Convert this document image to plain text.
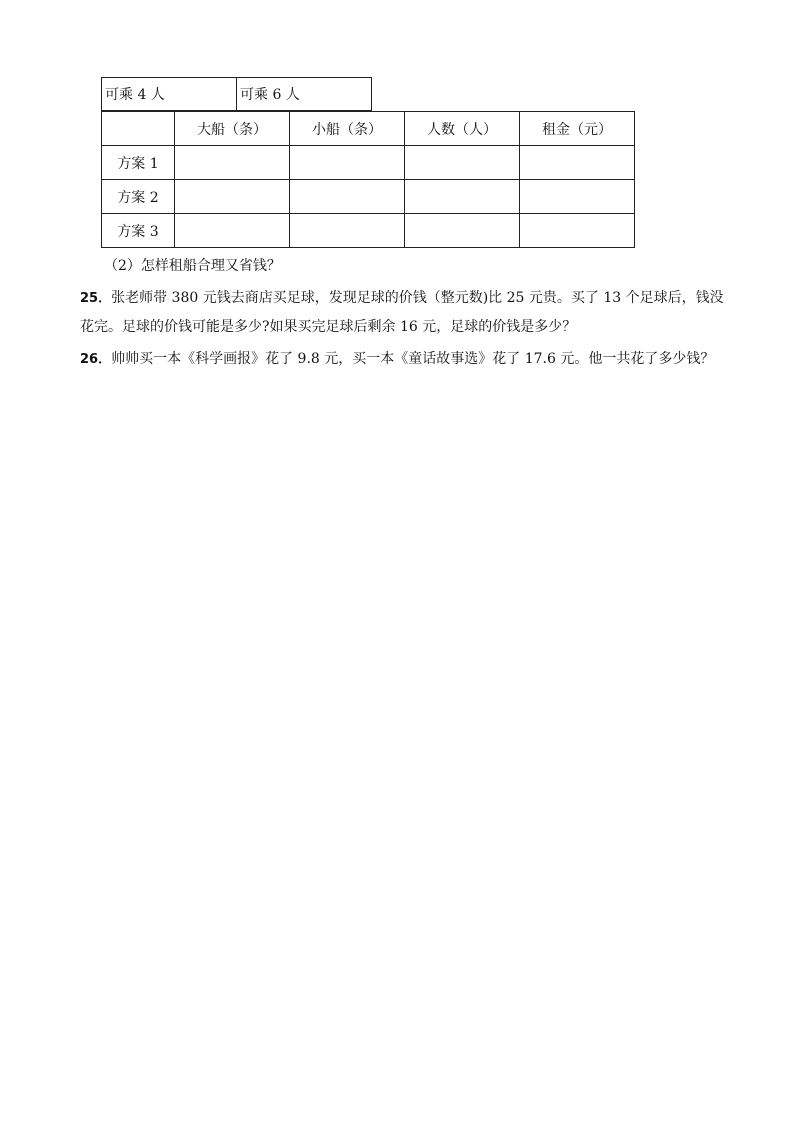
可乘 4 人	可乘 6 人
	大船（条）	小船（条）	人数（人）	租金（元）
方案 1				
方案 2				
方案 3				
（2）怎样租船合理又省钱？
25．张老师带 380 元钱去商店买足球，发现足球的价钱（整元数)比 25 元贵。买了 13 个足球后，钱没
花完。足球的价钱可能是多少?如果买完足球后剩余 16 元，足球的价钱是多少？
26．帅帅买一本《科学画报》花了 9.8 元，买一本《童话故事选》花了 17.6 元。他一共花了多少钱？
